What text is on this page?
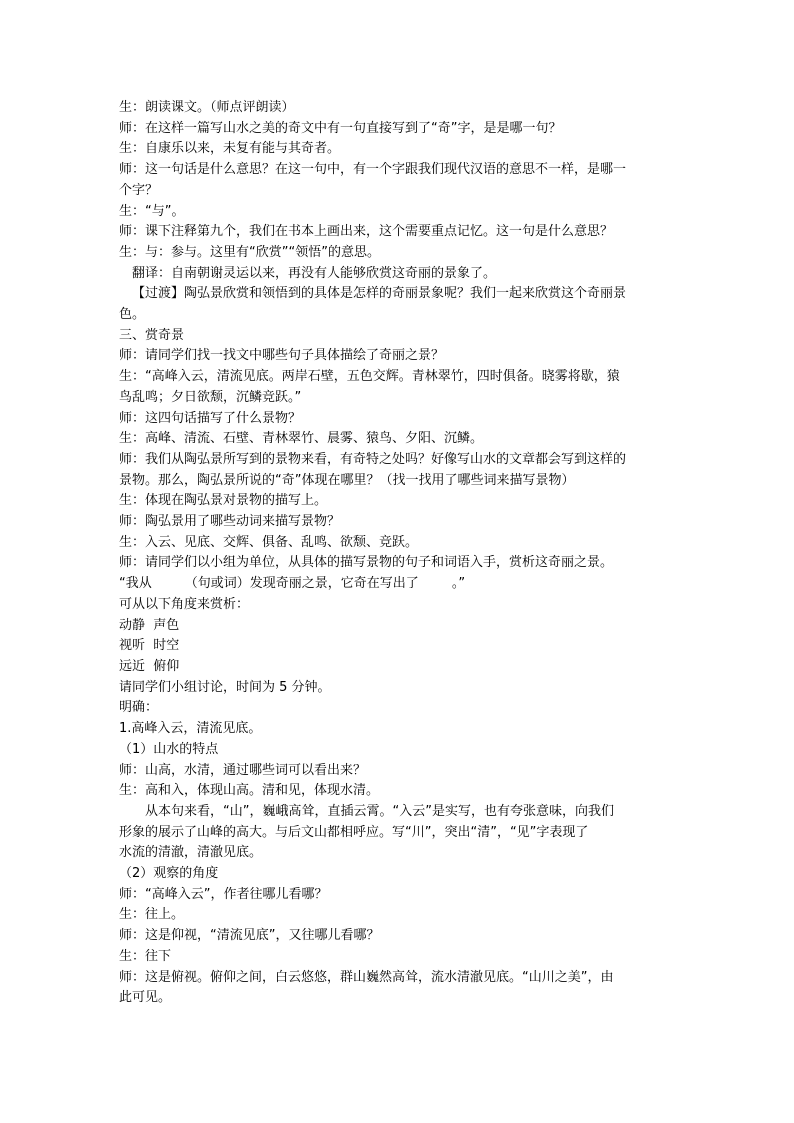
生：朗读课文。（师点评朗读）

师：在这样一篇写山水之美的奇文中有一句直接写到了“奇”字，是是哪一句？

生：自康乐以来，未复有能与其奇者。

师：这一句话是什么意思？在这一句中，有一个字跟我们现代汉语的意思不一样，是哪一

个字？

生：“与”。

师：课下注释第九个，我们在书本上画出来，这个需要重点记忆。这一句是什么意思？

生：与：参与。这里有“欣赏”“领悟”的意思。

翻译：自南朝谢灵运以来，再没有人能够欣赏这奇丽的景象了。

【过渡】陶弘景欣赏和领悟到的具体是怎样的奇丽景象呢？我们一起来欣赏这个奇丽景

色。

三、赏奇景

师：请同学们找一找文中哪些句子具体描绘了奇丽之景？

生：“高峰入云，清流见底。两岸石壁，五色交辉。青林翠竹，四时俱备。晓雾将歇，猿

鸟乱鸣；夕日欲颓，沉鳞竞跃。”

师：这四句话描写了什么景物？

生：高峰、清流、石壁、青林翠竹、晨雾、猿鸟、夕阳、沉鳞。

师：我们从陶弘景所写到的景物来看，有奇特之处吗？好像写山水的文章都会写到这样的

景物。那么，陶弘景所说的“奇”体现在哪里？（找一找用了哪些词来描写景物）

生：体现在陶弘景对景物的描写上。

师：陶弘景用了哪些动词来描写景物？

生：入云、见底、交辉、俱备、乱鸣、欲颓、竞跃。

师：请同学们以小组为单位，从具体的描写景物的句子和词语入手，赏析这奇丽之景。

“我从        （句或词）发现奇丽之景，它奇在写出了        。”

可从以下角度来赏析：

动静  声色

视听  时空

远近  俯仰

请同学们小组讨论，时间为 5 分钟。

明确：

1.高峰入云，清流见底。

（1）山水的特点

师：山高，水清，通过哪些词可以看出来？

生：高和入，体现山高。清和见，体现水清。

从本句来看，“山”，巍峨高耸，直插云霄。“入云”是实写，也有夸张意味，向我们

形象的展示了山峰的高大。与后文山都相呼应。写“川”，突出“清”，“见”字表现了

水流的清澈，清澈见底。

（2）观察的角度

师：“高峰入云”，作者往哪儿看哪？

生：往上。

师：这是仰视，“清流见底”，又往哪儿看哪？

生：往下

师：这是俯视。俯仰之间，白云悠悠，群山巍然高耸，流水清澈见底。“山川之美”，由

此可见。
